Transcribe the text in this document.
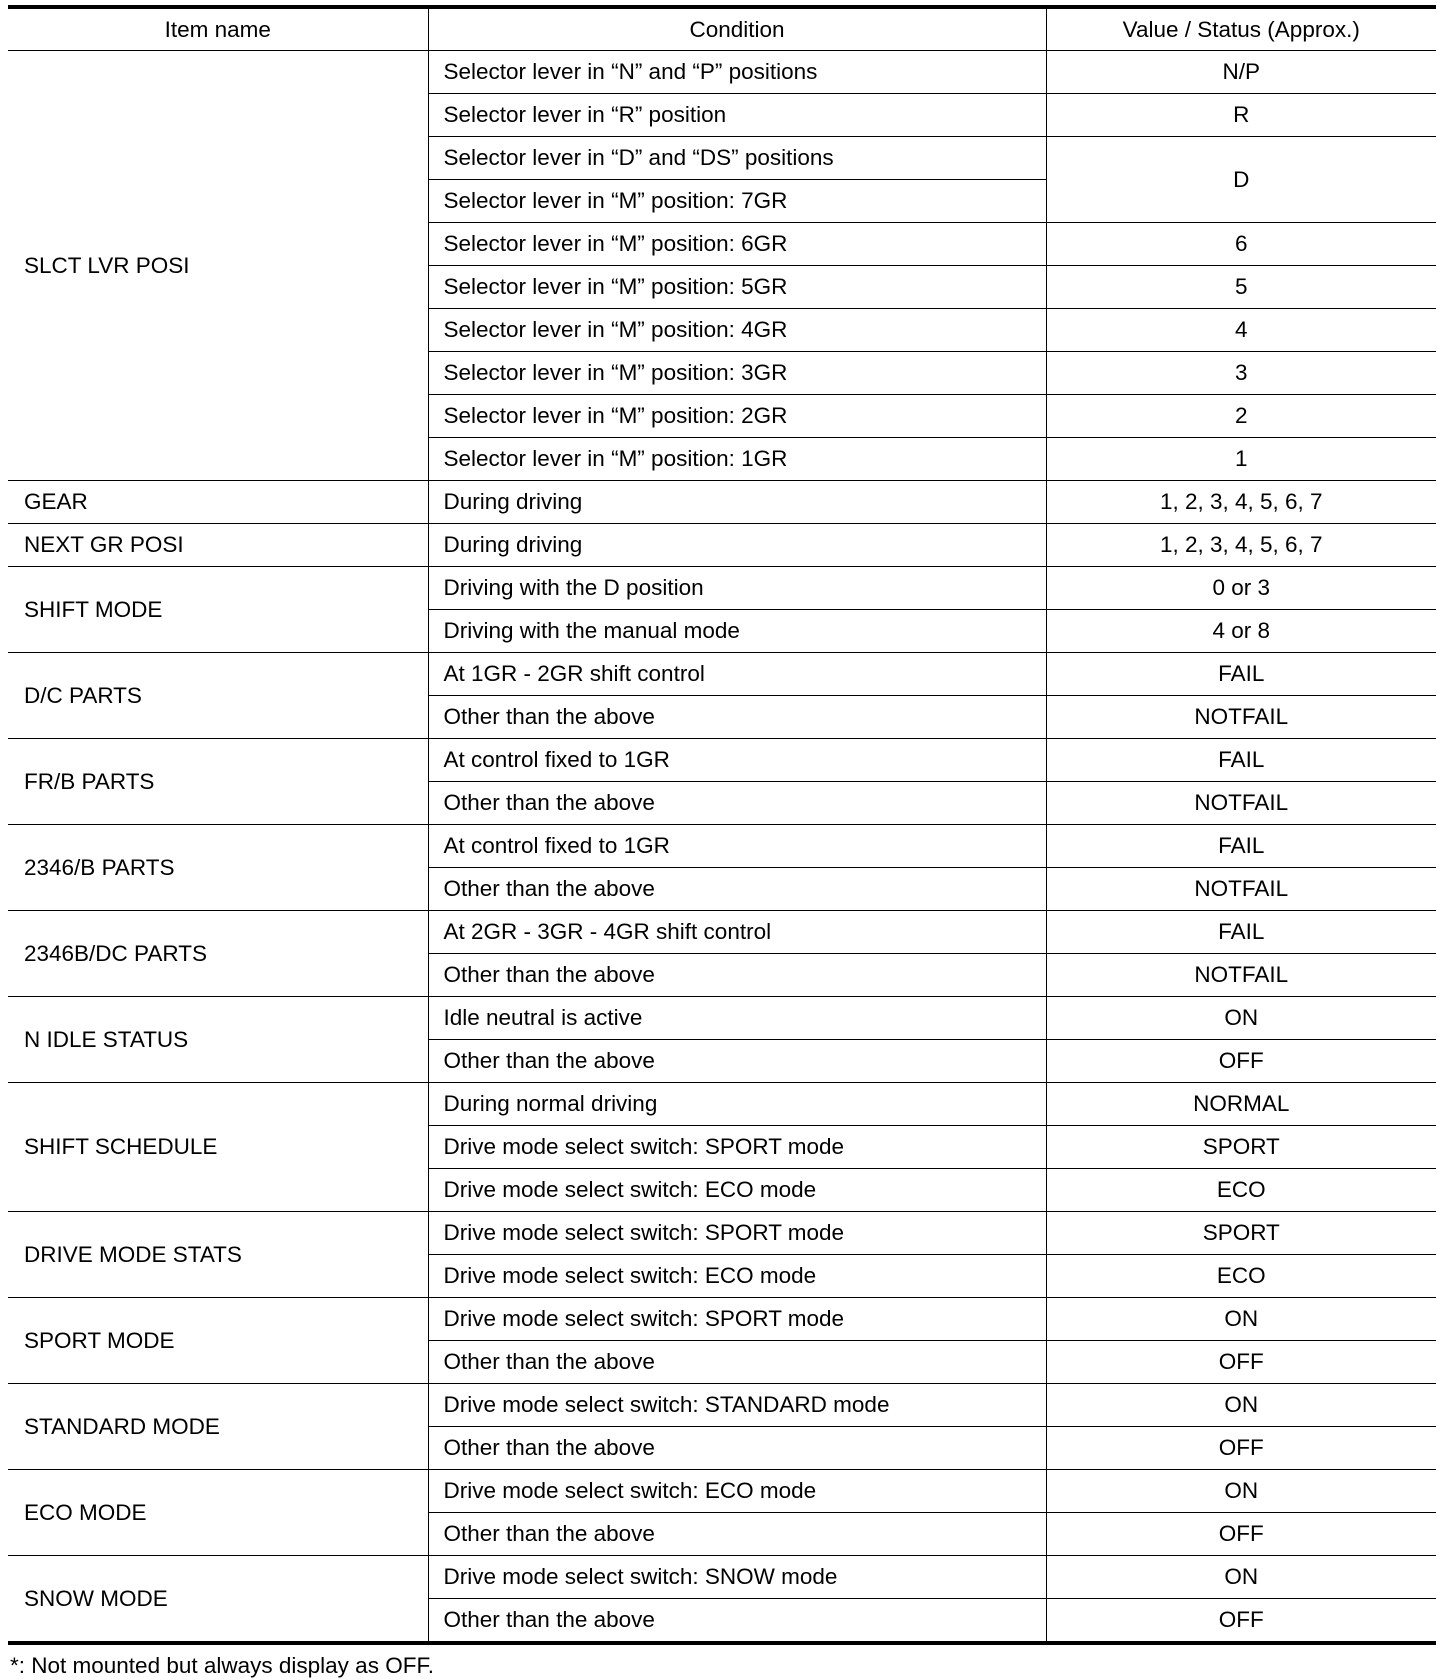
Item name	Condition	Value / Status (Approx.)
SLCT LVR POSI	Selector lever in “N” and “P” positions	N/P
	Selector lever in “R” position	R
	Selector lever in “D” and “DS” positions	D
	Selector lever in “M” position: 7GR	
	Selector lever in “M” position: 6GR	6
	Selector lever in “M” position: 5GR	5
	Selector lever in “M” position: 4GR	4
	Selector lever in “M” position: 3GR	3
	Selector lever in “M” position: 2GR	2
	Selector lever in “M” position: 1GR	1
GEAR	During driving	1, 2, 3, 4, 5, 6, 7
NEXT GR POSI	During driving	1, 2, 3, 4, 5, 6, 7
SHIFT MODE	Driving with the D position	0 or 3
	Driving with the manual mode	4 or 8
D/C PARTS	At 1GR - 2GR shift control	FAIL
	Other than the above	NOTFAIL
FR/B PARTS	At control fixed to 1GR	FAIL
	Other than the above	NOTFAIL
2346/B PARTS	At control fixed to 1GR	FAIL
	Other than the above	NOTFAIL
2346B/DC PARTS	At 2GR - 3GR - 4GR shift control	FAIL
	Other than the above	NOTFAIL
N IDLE STATUS	Idle neutral is active	ON
	Other than the above	OFF
SHIFT SCHEDULE	During normal driving	NORMAL
	Drive mode select switch: SPORT mode	SPORT
	Drive mode select switch: ECO mode	ECO
DRIVE MODE STATS	Drive mode select switch: SPORT mode	SPORT
	Drive mode select switch: ECO mode	ECO
SPORT MODE	Drive mode select switch: SPORT mode	ON
	Other than the above	OFF
STANDARD MODE	Drive mode select switch: STANDARD mode	ON
	Other than the above	OFF
ECO MODE	Drive mode select switch: ECO mode	ON
	Other than the above	OFF
SNOW MODE	Drive mode select switch: SNOW mode	ON
	Other than the above	OFF
*: Not mounted but always display as OFF.
